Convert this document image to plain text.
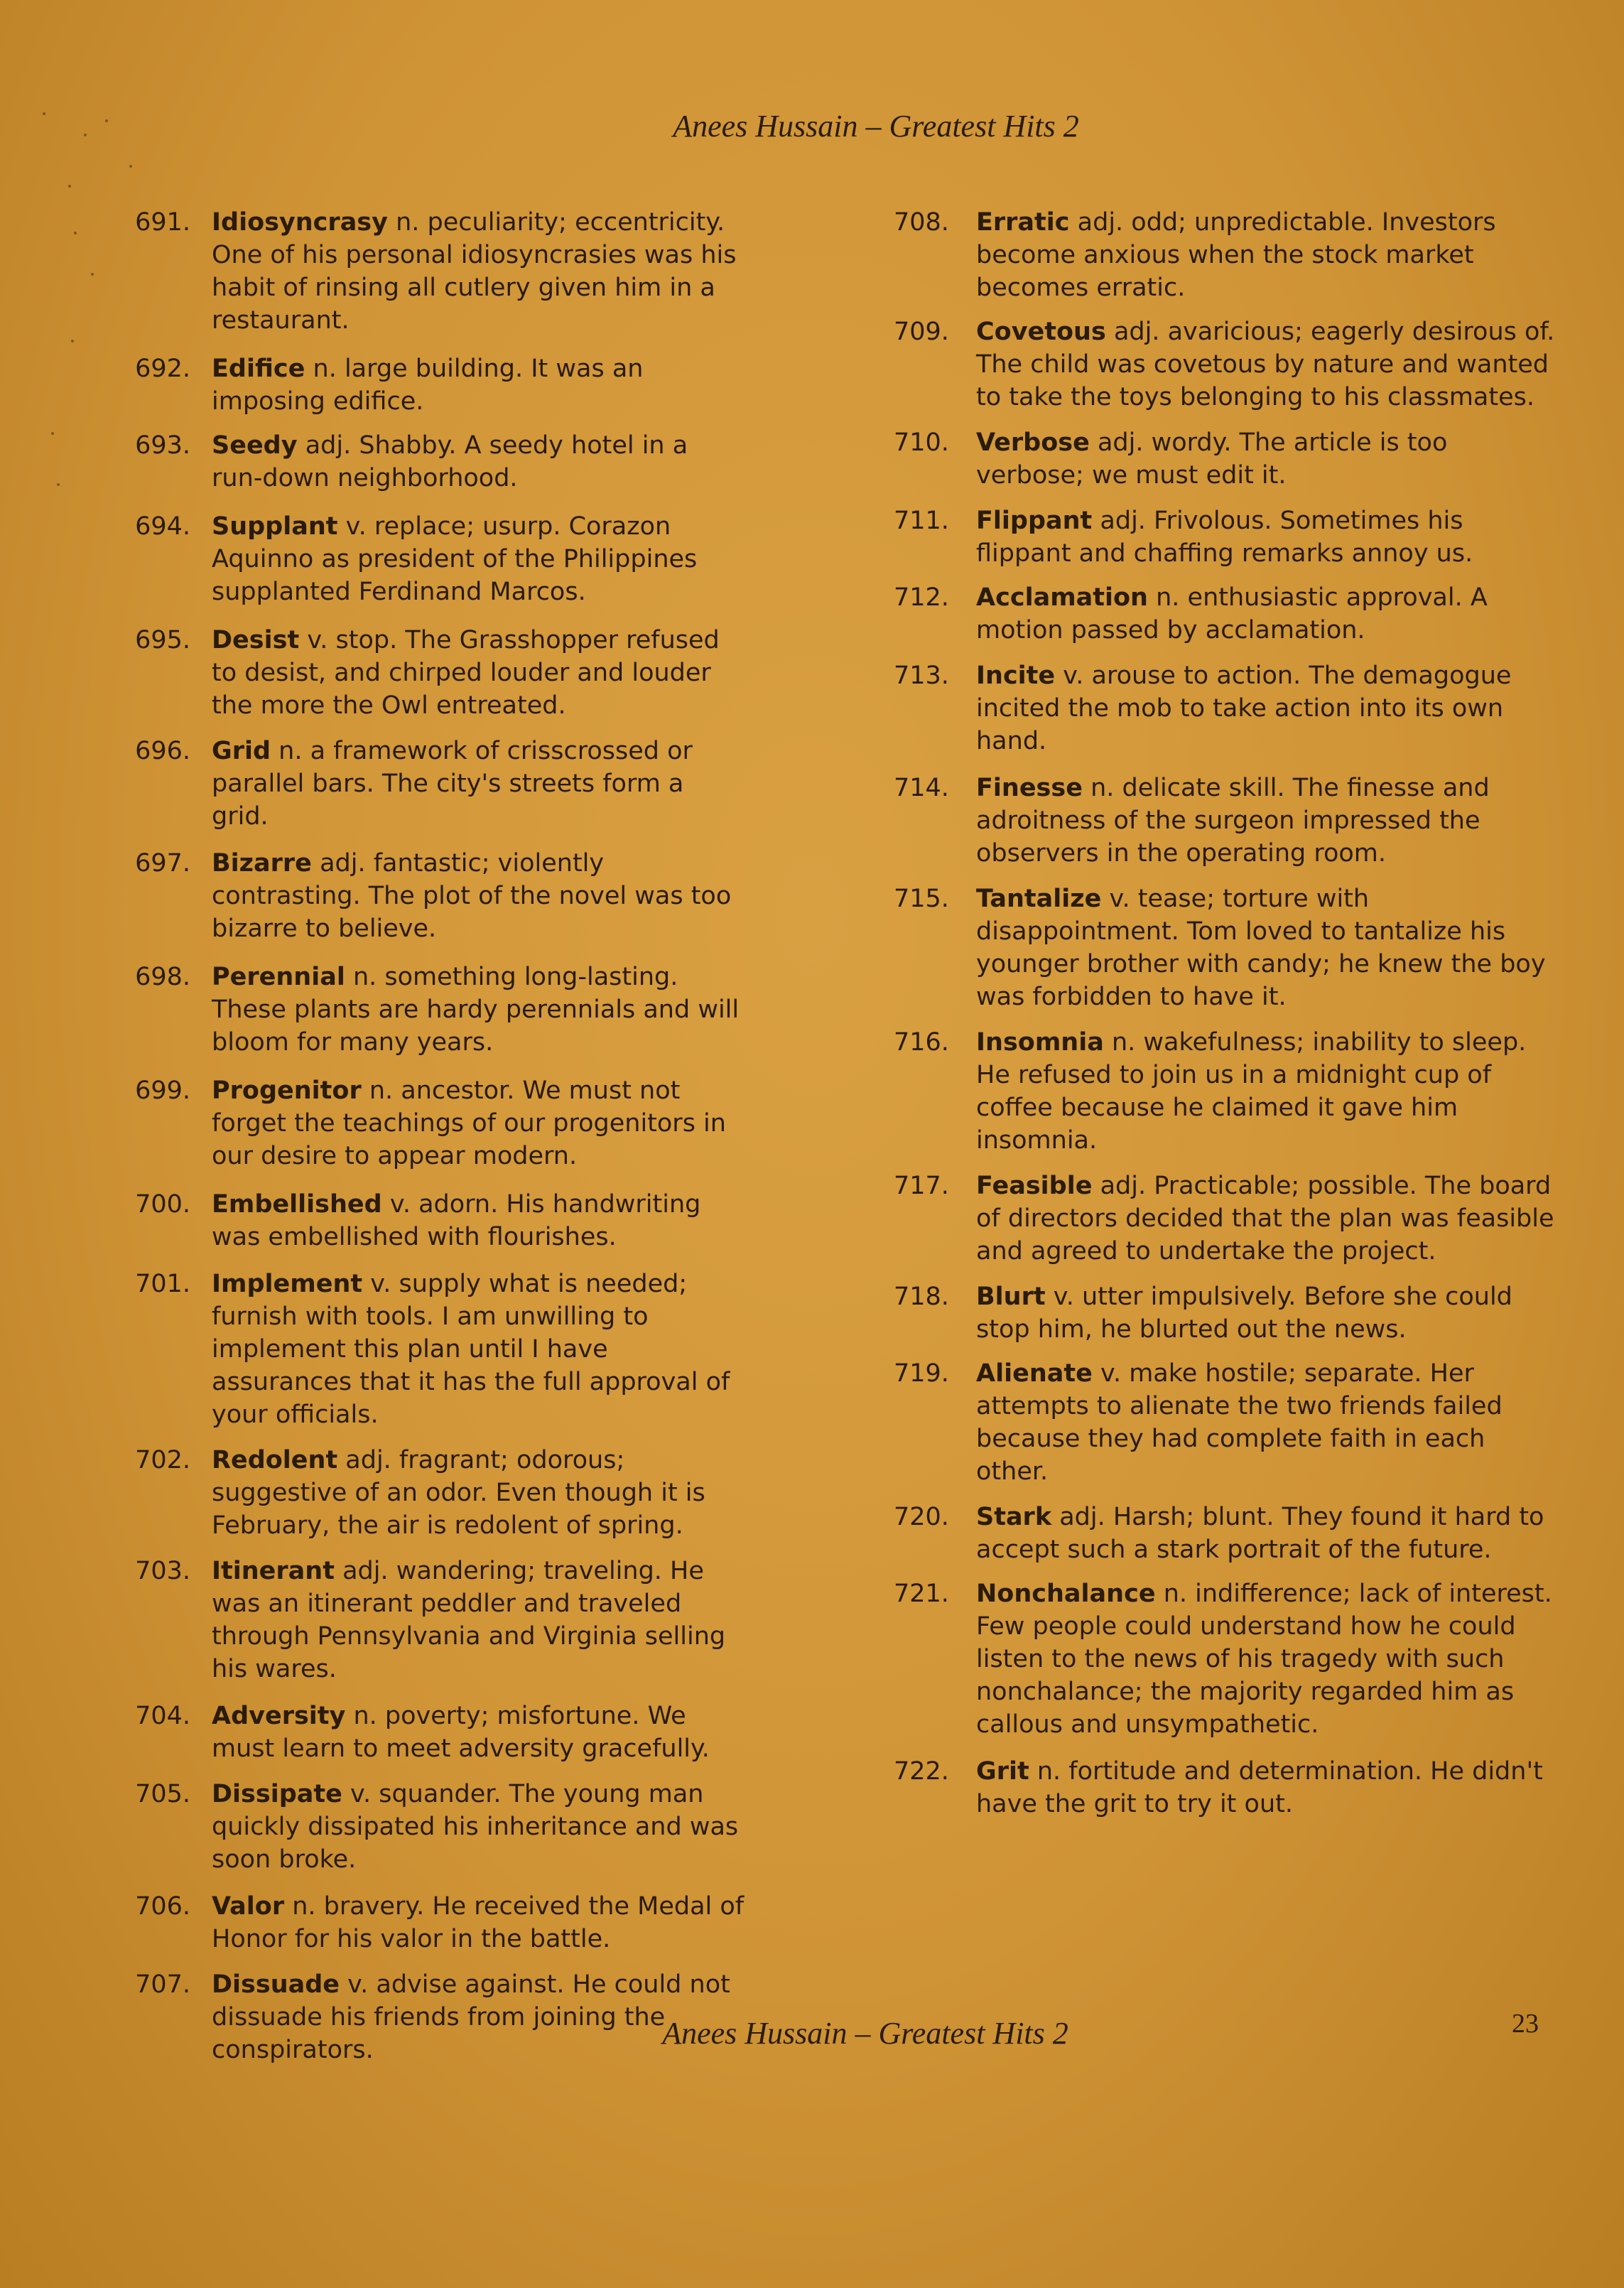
Anees Hussain – Greatest Hits 2
691. Idiosyncrasy n. peculiarity; eccentricity. One of his personal idiosyncrasies was his habit of rinsing all cutlery given him in a restaurant.
692. Edifice n. large building. It was an imposing edifice.
693. Seedy adj. Shabby. A seedy hotel in a run-down neighborhood.
694. Supplant v. replace; usurp. Corazon Aquinno as president of the Philippines supplanted Ferdinand Marcos.
695. Desist v. stop. The Grasshopper refused to desist, and chirped louder and louder the more the Owl entreated.
696. Grid n. a framework of crisscrossed or parallel bars. The city's streets form a grid.
697. Bizarre adj. fantastic; violently contrasting. The plot of the novel was too bizarre to believe.
698. Perennial n. something long-lasting. These plants are hardy perennials and will bloom for many years.
699. Progenitor n. ancestor. We must not forget the teachings of our progenitors in our desire to appear modern.
700. Embellished v. adorn. His handwriting was embellished with flourishes.
701. Implement v. supply what is needed; furnish with tools. I am unwilling to implement this plan until I have assurances that it has the full approval of your officials.
702. Redolent adj. fragrant; odorous; suggestive of an odor. Even though it is February, the air is redolent of spring.
703. Itinerant adj. wandering; traveling. He was an itinerant peddler and traveled through Pennsylvania and Virginia selling his wares.
704. Adversity n. poverty; misfortune. We must learn to meet adversity gracefully.
705. Dissipate v. squander. The young man quickly dissipated his inheritance and was soon broke.
706. Valor n. bravery. He received the Medal of Honor for his valor in the battle.
707. Dissuade v. advise against. He could not dissuade his friends from joining the conspirators.
708.	Erratic adj. odd; unpredictable. Investors become anxious when the stock market becomes erratic.
709.	Covetous adj. avaricious; eagerly desirous of. The child was covetous by nature and wanted to take the toys belonging to his classmates.
710.	Verbose adj. wordy. The article is too verbose; we must edit it.
711.	Flippant adj. Frivolous. Sometimes his flippant and chaffing remarks annoy us.
712.	Acclamation n. enthusiastic approval. A motion passed by acclamation.
713.	Incite v. arouse to action. The demagogue incited the mob to take action into its own hand.
714.	Finesse n. delicate skill. The finesse and adroitness of the surgeon impressed the observers in the operating room.
715.	Tantalize v. tease; torture with disappointment. Tom loved to tantalize his younger brother with candy; he knew the boy was forbidden to have it.
716.	Insomnia n. wakefulness; inability to sleep. He refused to join us in a midnight cup of coffee because he claimed it gave him insomnia.
717.	Feasible adj. Practicable; possible. The board of directors decided that the plan was feasible and agreed to undertake the project.
718.	Blurt v. utter impulsively. Before she could stop him, he blurted out the news.
719.	Alienate v. make hostile; separate. Her attempts to alienate the two friends failed because they had complete faith in each other.
720.	Stark adj. Harsh; blunt. They found it hard to accept such a stark portrait of the future.
721.	Nonchalance n. indifference; lack of interest. Few people could understand how he could listen to the news of his tragedy with such nonchalance; the majority regarded him as callous and unsympathetic.
722.	Grit n. fortitude and determination. He didn't have the grit to try it out.
Anees Hussain – Greatest Hits 2	23
